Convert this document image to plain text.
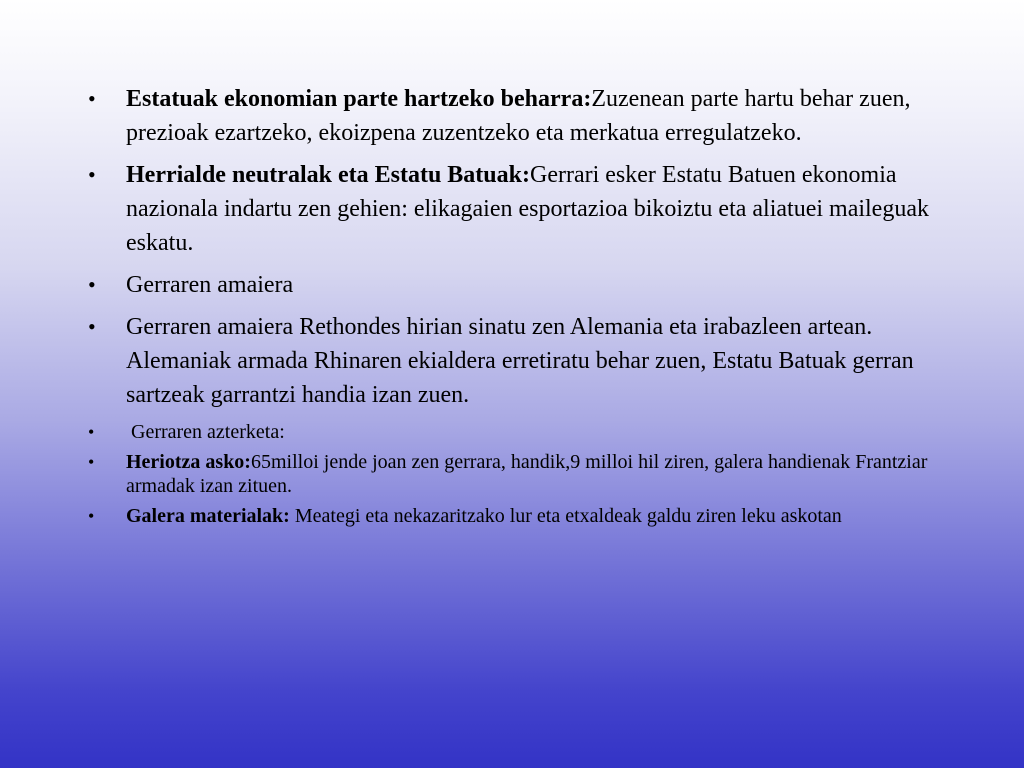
• Estatuak ekonomian parte hartzeko beharra:Zuzenean parte hartu behar zuen, prezioak ezartzeko, ekoizpena zuzentzeko eta merkatua erregulatzeko.
• Herrialde neutralak eta Estatu Batuak:Gerrari esker Estatu Batuen ekonomia nazionala indartu zen gehien: elikagaien esportazioa bikoiztu eta aliatuei maileguak eskatu.
• Gerraren amaiera
• Gerraren amaiera Rethondes hirian sinatu zen Alemania eta irabazleen artean. Alemaniak armada Rhinaren ekialdera erretiratu behar zuen, Estatu Batuak gerran sartzeak garrantzi handia izan zuen.
• Gerraren azterketa:
• Heriotza asko:65milloi jende joan zen gerrara, handik,9 milloi hil ziren, galera handienak Frantziar armadak izan zituen.
• Galera materialak: Meategi eta nekazaritzako lur eta etxaldeak galdu ziren leku askotan
